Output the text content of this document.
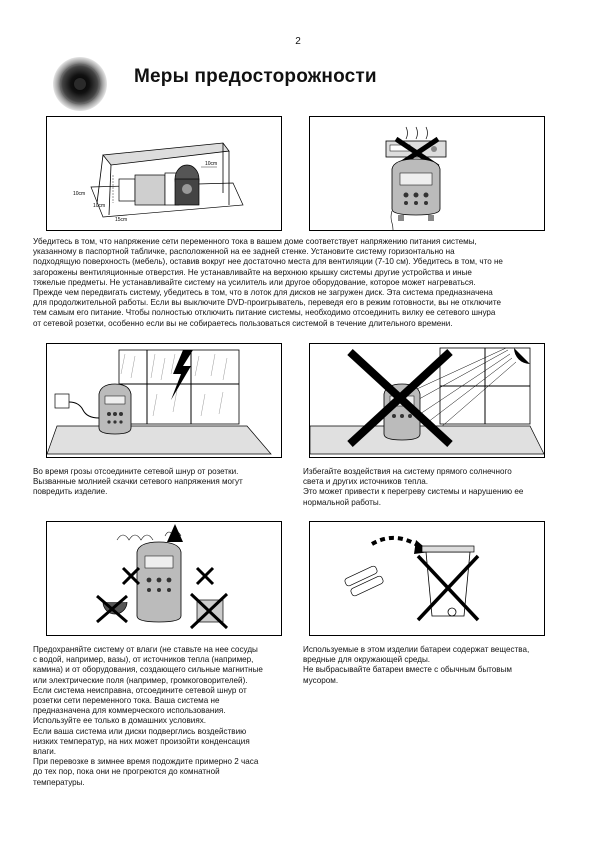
2
Меры предосторожности
10cm
10cm
10cm
15cm
Убедитесь в том, что напряжение сети переменного тока в вашем доме соответствует напряжению питания системы,
указанному в паспортной табличке, расположенной на ее задней стенке. Установите систему горизонтально на
подходящую поверхность (мебель), оставив вокруг нее достаточно места для вентиляции (7-10 см). Убедитесь в том, что не
загорожены вентиляционные отверстия. Не устанавливайте на верхнюю крышку системы другие устройства и иные
тяжелые предметы. Не устанавливайте систему на усилитель или другое оборудование, которое может нагреваться.
Прежде чем передвигать систему, убедитесь в том, что в лоток для дисков не загружен диск. Эта система предназначена
для продолжительной работы. Если вы выключите DVD-проигрыватель, переведя его в режим готовности, вы не отключите
тем самым его питание. Чтобы полностью отключить питание системы, необходимо отсоединить вилку ее сетевого шнура
от сетевой розетки, особенно если вы не собираетесь пользоваться системой в течение длительного времени.
Во время грозы отсоедините сетевой шнур от розетки.
Вызванные молнией скачки сетевого напряжения могут
повредить изделие.
Избегайте воздействия на систему прямого солнечного
света и других источников тепла.
Это может привести к перегреву системы и нарушению ее
нормальной работы.
Предохраняйте систему от влаги (не ставьте на нее сосуды
с водой, например, вазы), от источников тепла (например,
камина) и от оборудования, создающего сильные магнитные
или электрические поля (например, громкоговорителей).
Если система неисправна, отсоедините сетевой шнур от
розетки сети переменного тока. Ваша система не
предназначена для коммерческого использования.
Используйте ее только в домашних условиях.
Если ваша система или диски подверглись воздействию
низких температур, на них может произойти конденсация
влаги.
При перевозке в зимнее время подождите примерно 2 часа
до тех пор, пока они не прогреются до комнатной
температуры.
Используемые в этом изделии батареи содержат вещества,
вредные для окружающей среды.
Не выбрасывайте батареи вместе с обычным бытовым
мусором.
